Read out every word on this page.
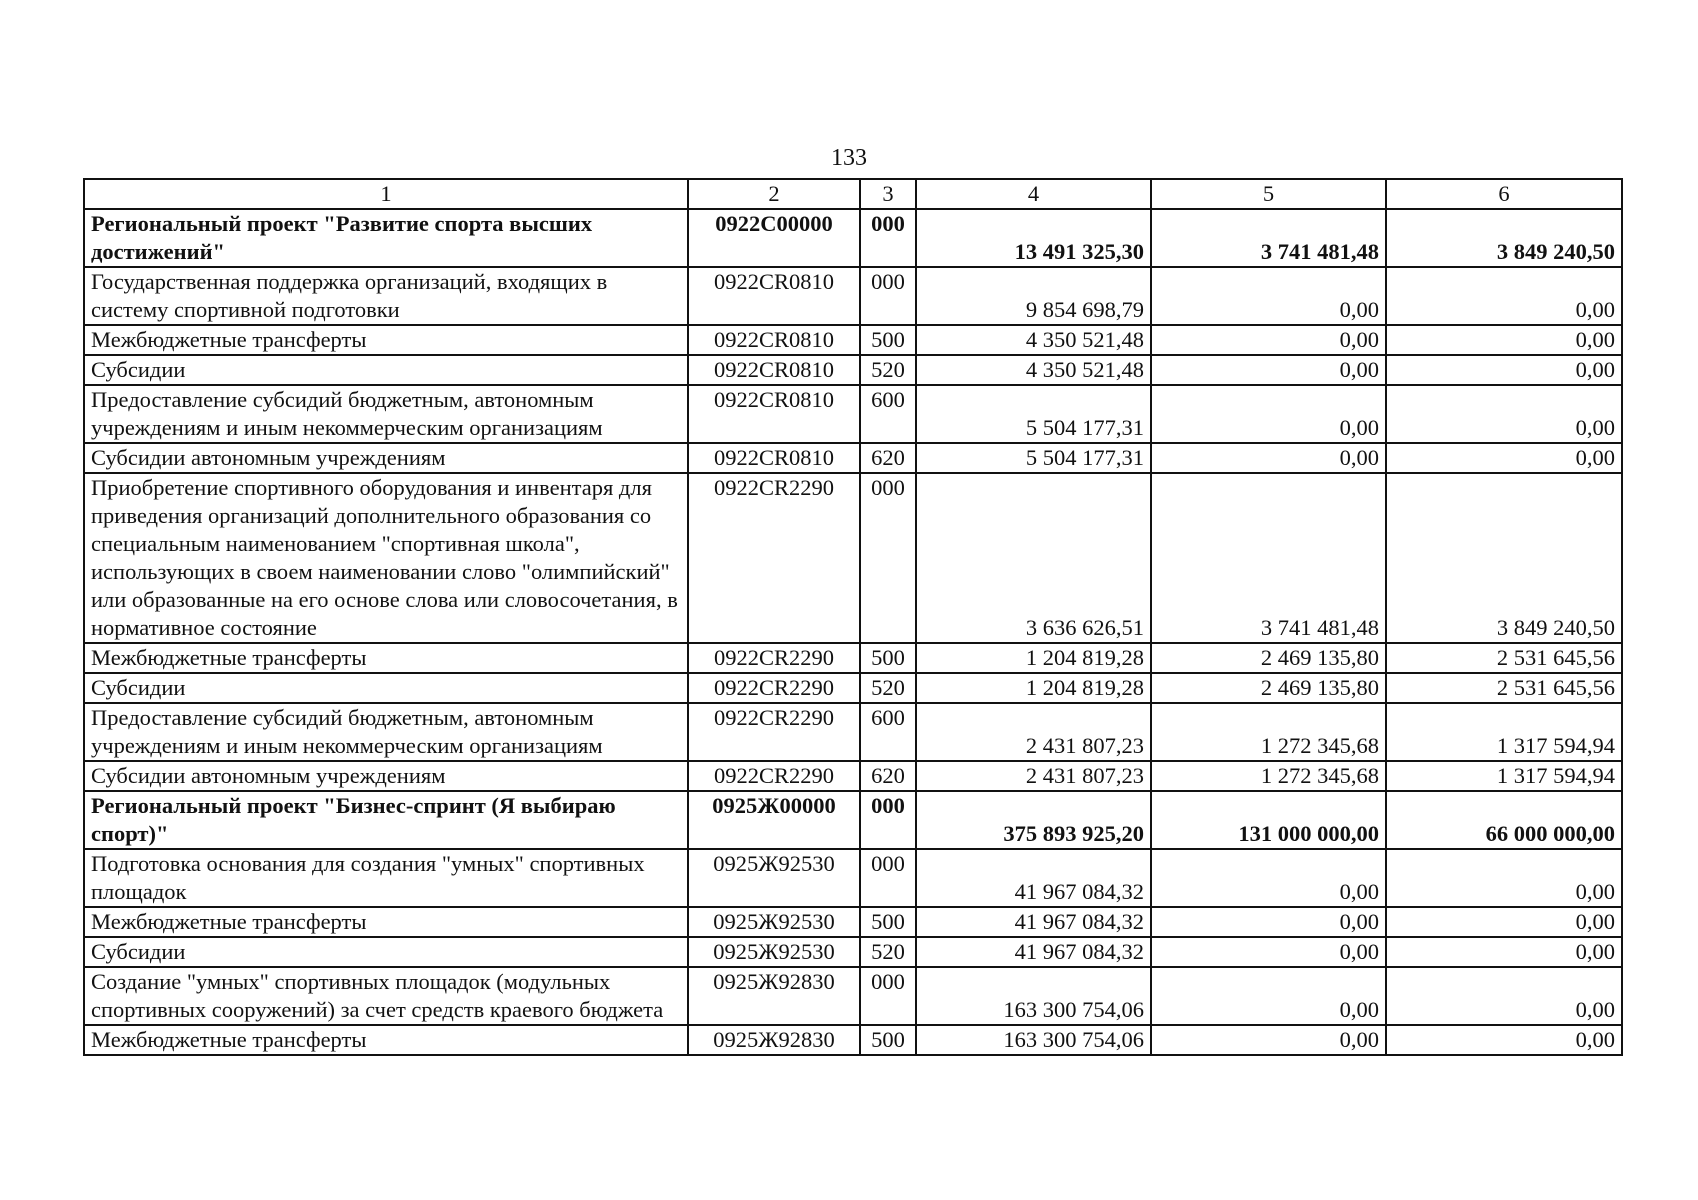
133
1	2	3	4	5	6
Региональный проект "Развитие спорта высших достижений"	0922C00000	000	13 491 325,30	3 741 481,48	3 849 240,50
Государственная поддержка организаций, входящих в систему спортивной подготовки	0922CR0810	000	9 854 698,79	0,00	0,00
Межбюджетные трансферты	0922CR0810	500	4 350 521,48	0,00	0,00
Субсидии	0922CR0810	520	4 350 521,48	0,00	0,00
Предоставление субсидий бюджетным, автономным учреждениям и иным некоммерческим организациям	0922CR0810	600	5 504 177,31	0,00	0,00
Субсидии автономным учреждениям	0922CR0810	620	5 504 177,31	0,00	0,00
Приобретение спортивного оборудования и инвентаря для приведения организаций дополнительного образования со специальным наименованием "спортивная школа", использующих в своем наименовании слово "олимпийский" или образованные на его основе слова или словосочетания, в нормативное состояние	0922CR2290	000	3 636 626,51	3 741 481,48	3 849 240,50
Межбюджетные трансферты	0922CR2290	500	1 204 819,28	2 469 135,80	2 531 645,56
Субсидии	0922CR2290	520	1 204 819,28	2 469 135,80	2 531 645,56
Предоставление субсидий бюджетным, автономным учреждениям и иным некоммерческим организациям	0922CR2290	600	2 431 807,23	1 272 345,68	1 317 594,94
Субсидии автономным учреждениям	0922CR2290	620	2 431 807,23	1 272 345,68	1 317 594,94
Региональный проект "Бизнес-спринт (Я выбираю спорт)"	0925Ж00000	000	375 893 925,20	131 000 000,00	66 000 000,00
Подготовка основания для создания "умных" спортивных площадок	0925Ж92530	000	41 967 084,32	0,00	0,00
Межбюджетные трансферты	0925Ж92530	500	41 967 084,32	0,00	0,00
Субсидии	0925Ж92530	520	41 967 084,32	0,00	0,00
Создание "умных" спортивных площадок (модульных спортивных сооружений) за счет средств краевого бюджета	0925Ж92830	000	163 300 754,06	0,00	0,00
Межбюджетные трансферты	0925Ж92830	500	163 300 754,06	0,00	0,00
